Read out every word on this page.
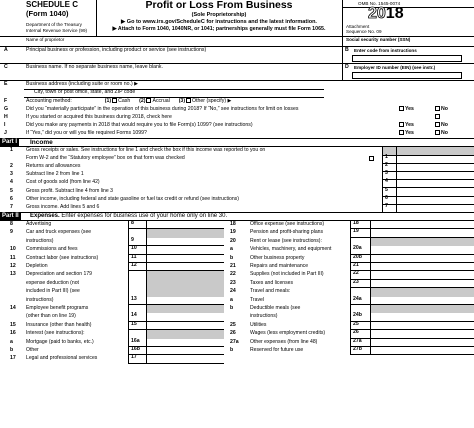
SCHEDULE C
(Form 1040)
Department of the Treasury
Internal Revenue Service (99)
Profit or Loss From Business
(Sole Proprietorship)
▶ Go to www.irs.gov/ScheduleC for instructions and the latest information.
▶ Attach to Form 1040, 1040NR, or 1041; partnerships generally must file Form 1065.
OMB No. 1545-0074
2018
Attachment
Sequence No. 09
Name of proprietor	Social security number (SSN)
A	Principal business or profession, including product or service (see instructions)	B Enter code from instructions
C	Business name. If no separate business name, leave blank.	D Employer ID number (EIN) (see instr.)
E	Business address (including suite or room no.) ▶
City, town or post office, state, and ZIP code
F	Accounting method:	(1) Cash (2) Accrual (3) Other (specify) ▶
G	Did you “materially participate” in the operation of this business during 2018? If “No,” see instructions for limit on losses	Yes	No
H	If you started or acquired this business during 2018, check here
I	Did you make any payments in 2018 that would require you to file Form(s) 1099? (see instructions)	Yes	No
J	If “Yes,” did you or will you file required Forms 1099?	Yes	No
Part I	Income
1	Gross receipts or sales. See instructions for line 1 and check the box if this income was reported to you on
Form W-2 and the “Statutory employee” box on that form was checked	1
2	Returns and allowances	2
3	Subtract line 2 from line 1	3
4	Cost of goods sold (from line 42)	4
5	Gross profit. Subtract line 4 from line 3	5
6	Other income, including federal and state gasoline or fuel tax credit or refund (see instructions)	6
7	Gross income. Add lines 5 and 6	7
Part II	Expenses. Enter expenses for business use of your home only on line 30.
8	Advertising	8
9	Car and truck expenses (see
instructions)	9
10 Commissions and fees	10
11 Contract labor (see instructions)	11
12 Depletion	12
13 Depreciation and section 179
expense deduction (not
included in Part III) (see
instructions)	13
14 Employee benefit programs
(other than on line 19)	14
15 Insurance (other than health)	15
16 Interest (see instructions):
a	Mortgage (paid to banks, etc.)	16a
b	Other	16b
17 Legal and professional services	17
18	Office expense (see instructions)	18
19	Pension and profit-sharing plans	19
20	Rent or lease (see instructions):
a	Vehicles, machinery, and equipment	20a
b	Other business property	20b
21	Repairs and maintenance	21
22	Supplies (not included in Part III)	22
23	Taxes and licenses	23
24	Travel and meals:
a	Travel	24a
b	Deductible meals (see
instructions)	24b
25	Utilities	25
26	Wages (less employment credits)	26
27a Other expenses (from line 48)	27a
b	Reserved for future use	27b
